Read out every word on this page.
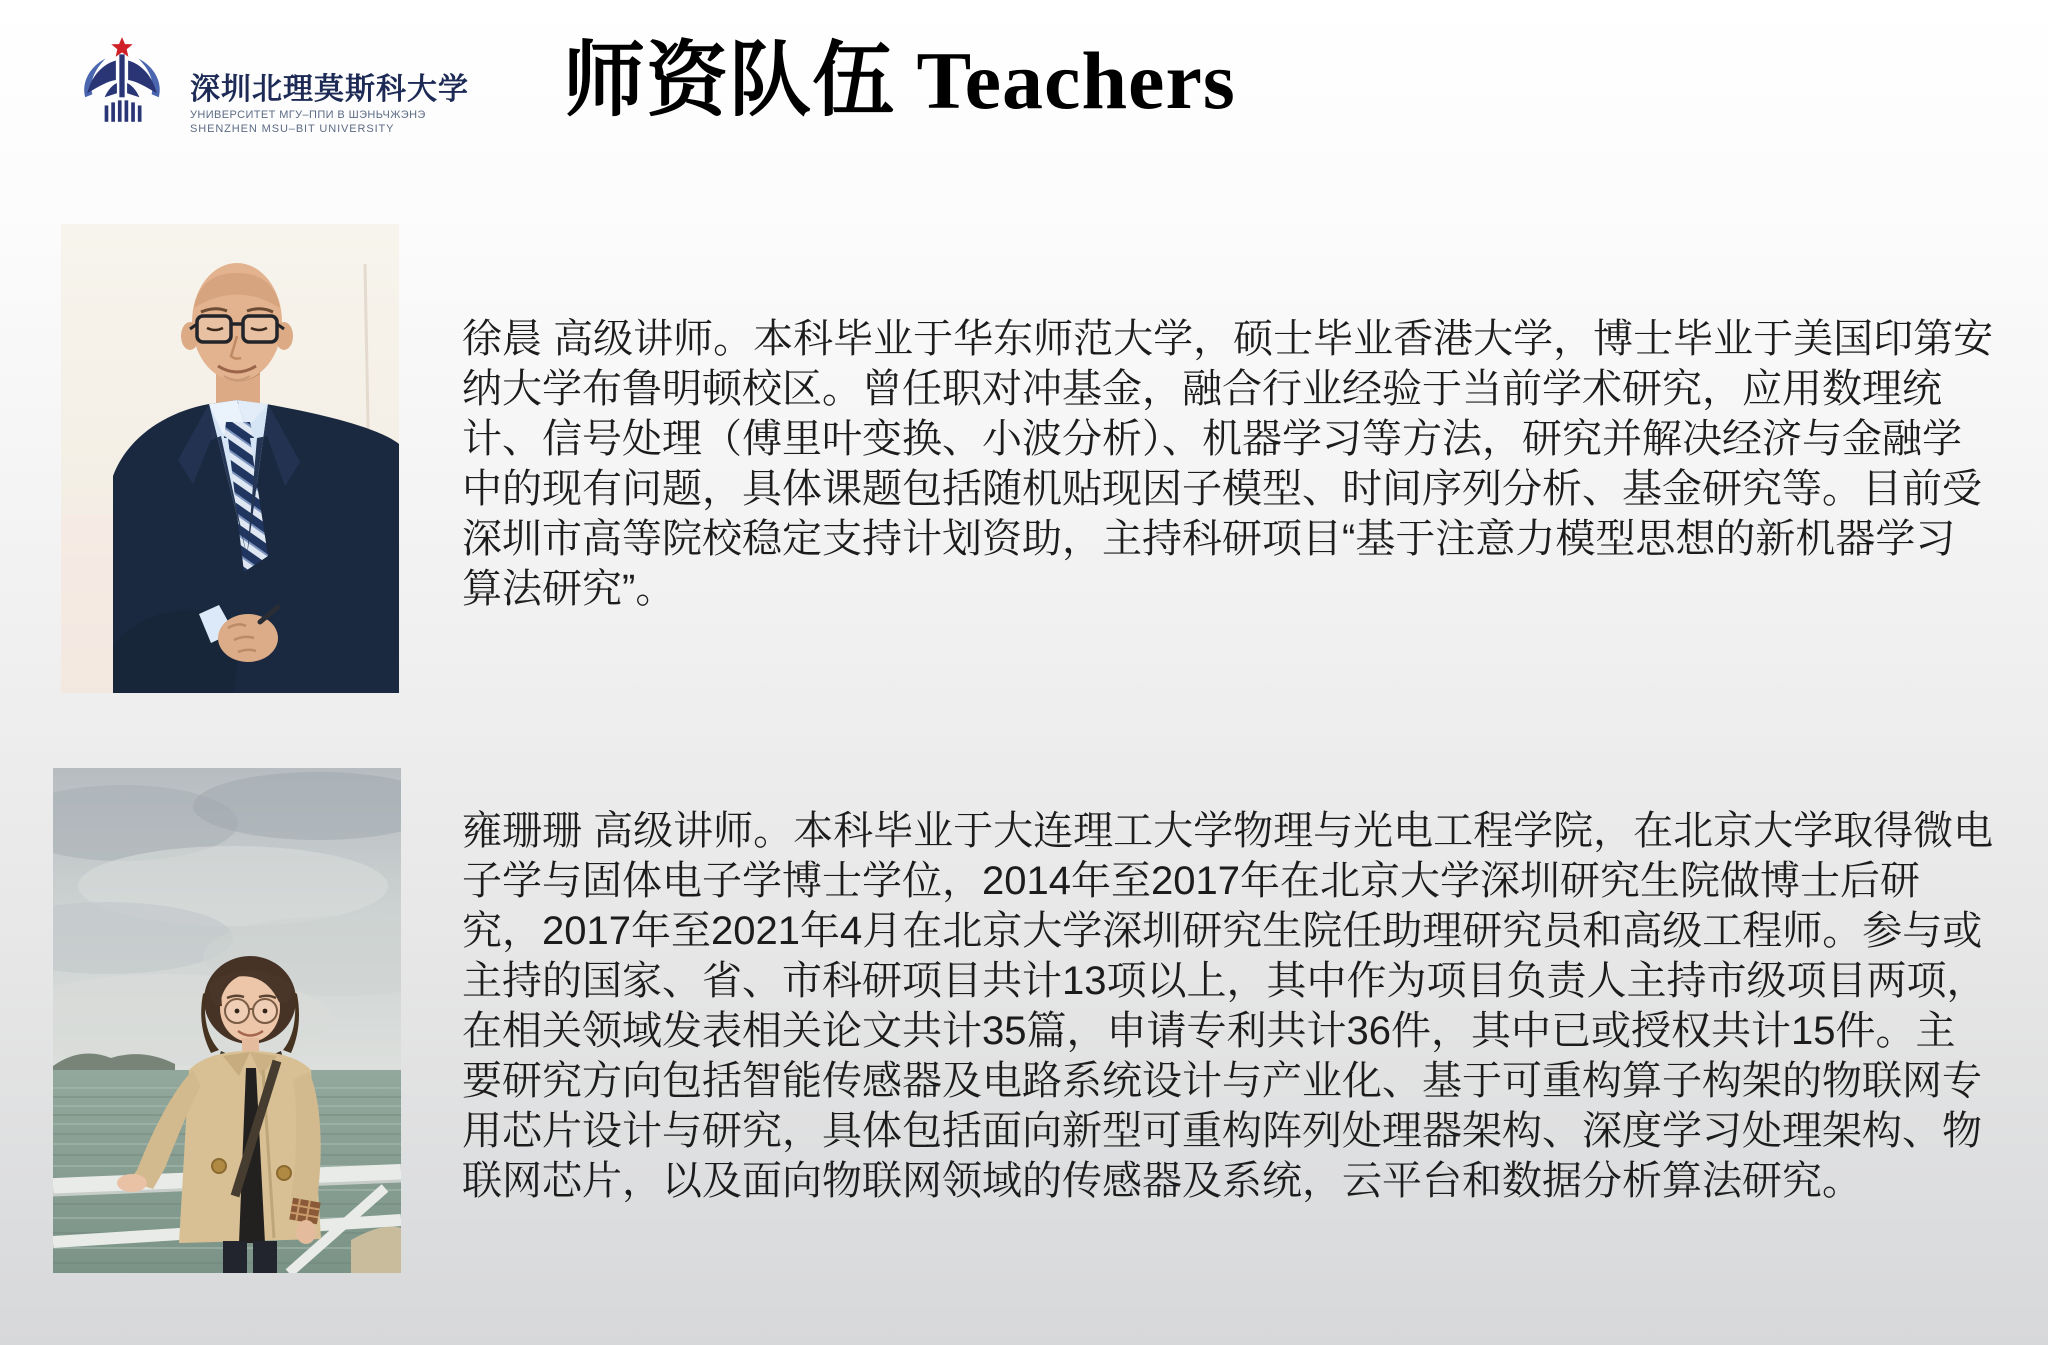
深圳北理莫斯科大学
УНИВЕРСИТЕТ МГУ–ППИ В ШЭНЬЧЖЭНЭ
SHENZHEN MSU–BIT UNIVERSITY
师资队伍 Teachers
徐晨 高级讲师。本科毕业于华东师范大学，硕士毕业香港大学，博士毕业于美国印第安纳大学布鲁明顿校区。曾任职对冲基金，融合行业经验于当前学术研究，应用数理统计、信号处理（傅里叶变换、小波分析）、机器学习等方法，研究并解决经济与金融学中的现有问题，具体课题包括随机贴现因子模型、时间序列分析、基金研究等。目前受深圳市高等院校稳定支持计划资助，主持科研项目“基于注意力模型思想的新机器学习算法研究”。
雍珊珊 高级讲师。本科毕业于大连理工大学物理与光电工程学院，在北京大学取得微电子学与固体电子学博士学位，2014年至2017年在北京大学深圳研究生院做博士后研究，2017年至2021年4月在北京大学深圳研究生院任助理研究员和高级工程师。参与或主持的国家、省、市科研项目共计13项以上，其中作为项目负责人主持市级项目两项，在相关领域发表相关论文共计35篇，申请专利共计36件，其中已或授权共计15件。主要研究方向包括智能传感器及电路系统设计与产业化、基于可重构算子构架的物联网专用芯片设计与研究，具体包括面向新型可重构阵列处理器架构、深度学习处理架构、物联网芯片，以及面向物联网领域的传感器及系统，云平台和数据分析算法研究。
